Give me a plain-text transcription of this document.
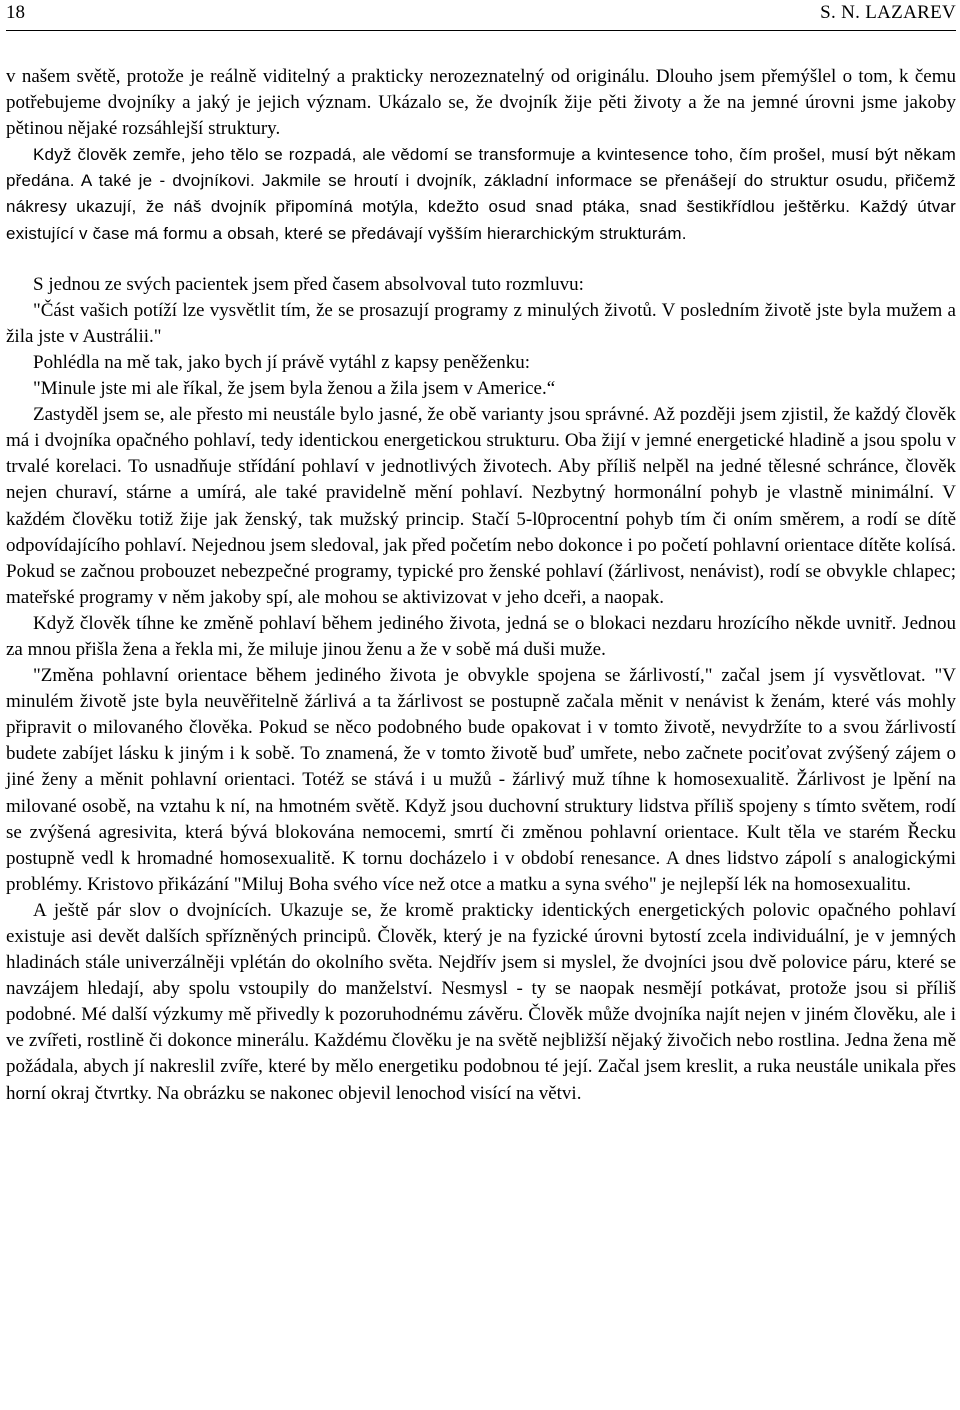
18	S. N. LAZAREV

v našem světě, protože je reálně viditelný a prakticky nerozeznatelný od originálu. Dlouho jsem přemýšlel o tom, k čemu potřebujeme dvojníky a jaký je jejich význam. Ukázalo se, že dvojník žije pěti životy a že na jemné úrovni jsme jakoby pětinou nějaké rozsáhlejší struktury.

Když člověk zemře, jeho tělo se rozpadá, ale vědomí se transformuje a kvintesence toho, čím prošel, musí být někam předána. A také je - dvojníkovi. Jakmile se hroutí i dvojník, základní informace se přenášejí do struktur osudu, přičemž nákresy ukazují, že náš dvojník připomíná motýla, kdežto osud snad ptáka, snad šestikřídlou ještěrku. Každý útvar existující v čase má formu a obsah, které se předávají vyšším hierarchickým strukturám.

S jednou ze svých pacientek jsem před časem absolvoval tuto rozmluvu:

"Část vašich potíží lze vysvětlit tím, že se prosazují programy z minulých životů. V posledním životě jste byla mužem a žila jste v Austrálii."

Pohlédla na mě tak, jako bych jí právě vytáhl z kapsy peněženku:

"Minule jste mi ale říkal, že jsem byla ženou a žila jsem v Americe.“

Zastyděl jsem se, ale přesto mi neustále bylo jasné, že obě varianty jsou správné. Až později jsem zjistil, že každý člověk má i dvojníka opačného pohlaví, tedy identickou energetickou strukturu. Oba žijí v jemné energetické hladině a jsou spolu v trvalé korelaci. To usnadňuje střídání pohlaví v jednotlivých životech. Aby příliš nelpěl na jedné tělesné schránce, člověk nejen churaví, stárne a umírá, ale také pravidelně mění pohlaví. Nezbytný hormonální pohyb je vlastně minimální. V každém člověku totiž žije jak ženský, tak mužský princip. Stačí 5-l0procentní pohyb tím či oním směrem, a rodí se dítě odpovídajícího pohlaví. Nejednou jsem sledoval, jak před početím nebo dokonce i po početí pohlavní orientace dítěte kolísá. Pokud se začnou probouzet nebezpečné programy, typické pro ženské pohlaví (žárlivost, nenávist), rodí se obvykle chlapec; mateřské programy v něm jakoby spí, ale mohou se aktivizovat v jeho dceři, a naopak.

Když člověk tíhne ke změně pohlaví během jediného života, jedná se o blokaci nezdaru hrozícího někde uvnitř. Jednou za mnou přišla žena a řekla mi, že miluje jinou ženu a že v sobě má duši muže.

"Změna pohlavní orientace během jediného života je obvykle spojena se žárlivostí," začal jsem jí vysvětlovat. "V minulém životě jste byla neuvěřitelně žárlivá a ta žárlivost se postupně začala měnit v nenávist k ženám, které vás mohly připravit o milovaného člověka. Pokud se něco podobného bude opakovat i v tomto životě, nevydržíte to a svou žárlivostí budete zabíjet lásku k jiným i k sobě. To znamená, že v tomto životě buď umřete, nebo začnete pociťovat zvýšený zájem o jiné ženy a měnit pohlavní orientaci. Totéž se stává i u mužů - žárlivý muž tíhne k homosexualitě. Žárlivost je lpění na milované osobě, na vztahu k ní, na hmotném světě. Když jsou duchovní struktury lidstva příliš spojeny s tímto světem, rodí se zvýšená agresivita, která bývá blokována nemocemi, smrtí či změnou pohlavní orientace. Kult těla ve starém Řecku postupně vedl k hromadné homosexualitě. K tornu docházelo i v období renesance. A dnes lidstvo zápolí s analogickými problémy. Kristovo přikázání "Miluj Boha svého více než otce a matku a syna svého" je nejlepší lék na homosexualitu.

A ještě pár slov o dvojnících. Ukazuje se, že kromě prakticky identických energetických polovic opačného pohlaví existuje asi devět dalších spřízněných principů. Člověk, který je na fyzické úrovni bytostí zcela individuální, je v jemných hladinách stále univerzálněji vplétán do okolního světa. Nejdřív jsem si myslel, že dvojníci jsou dvě polovice páru, které se navzájem hledají, aby spolu vstoupily do manželství. Nesmysl - ty se naopak nesmějí potkávat, protože jsou si příliš podobné. Mé další výzkumy mě přivedly k pozoruhodnému závěru. Člověk může dvojníka najít nejen v jiném člověku, ale i ve zvířeti, rostlině či dokonce minerálu. Každému člověku je na světě nejbližší nějaký živočich nebo rostlina. Jedna žena mě požádala, abych jí nakreslil zvíře, které by mělo energetiku podobnou té její. Začal jsem kreslit, a ruka neustále unikala přes horní okraj čtvrtky. Na obrázku se nakonec objevil lenochod visící na větvi.
